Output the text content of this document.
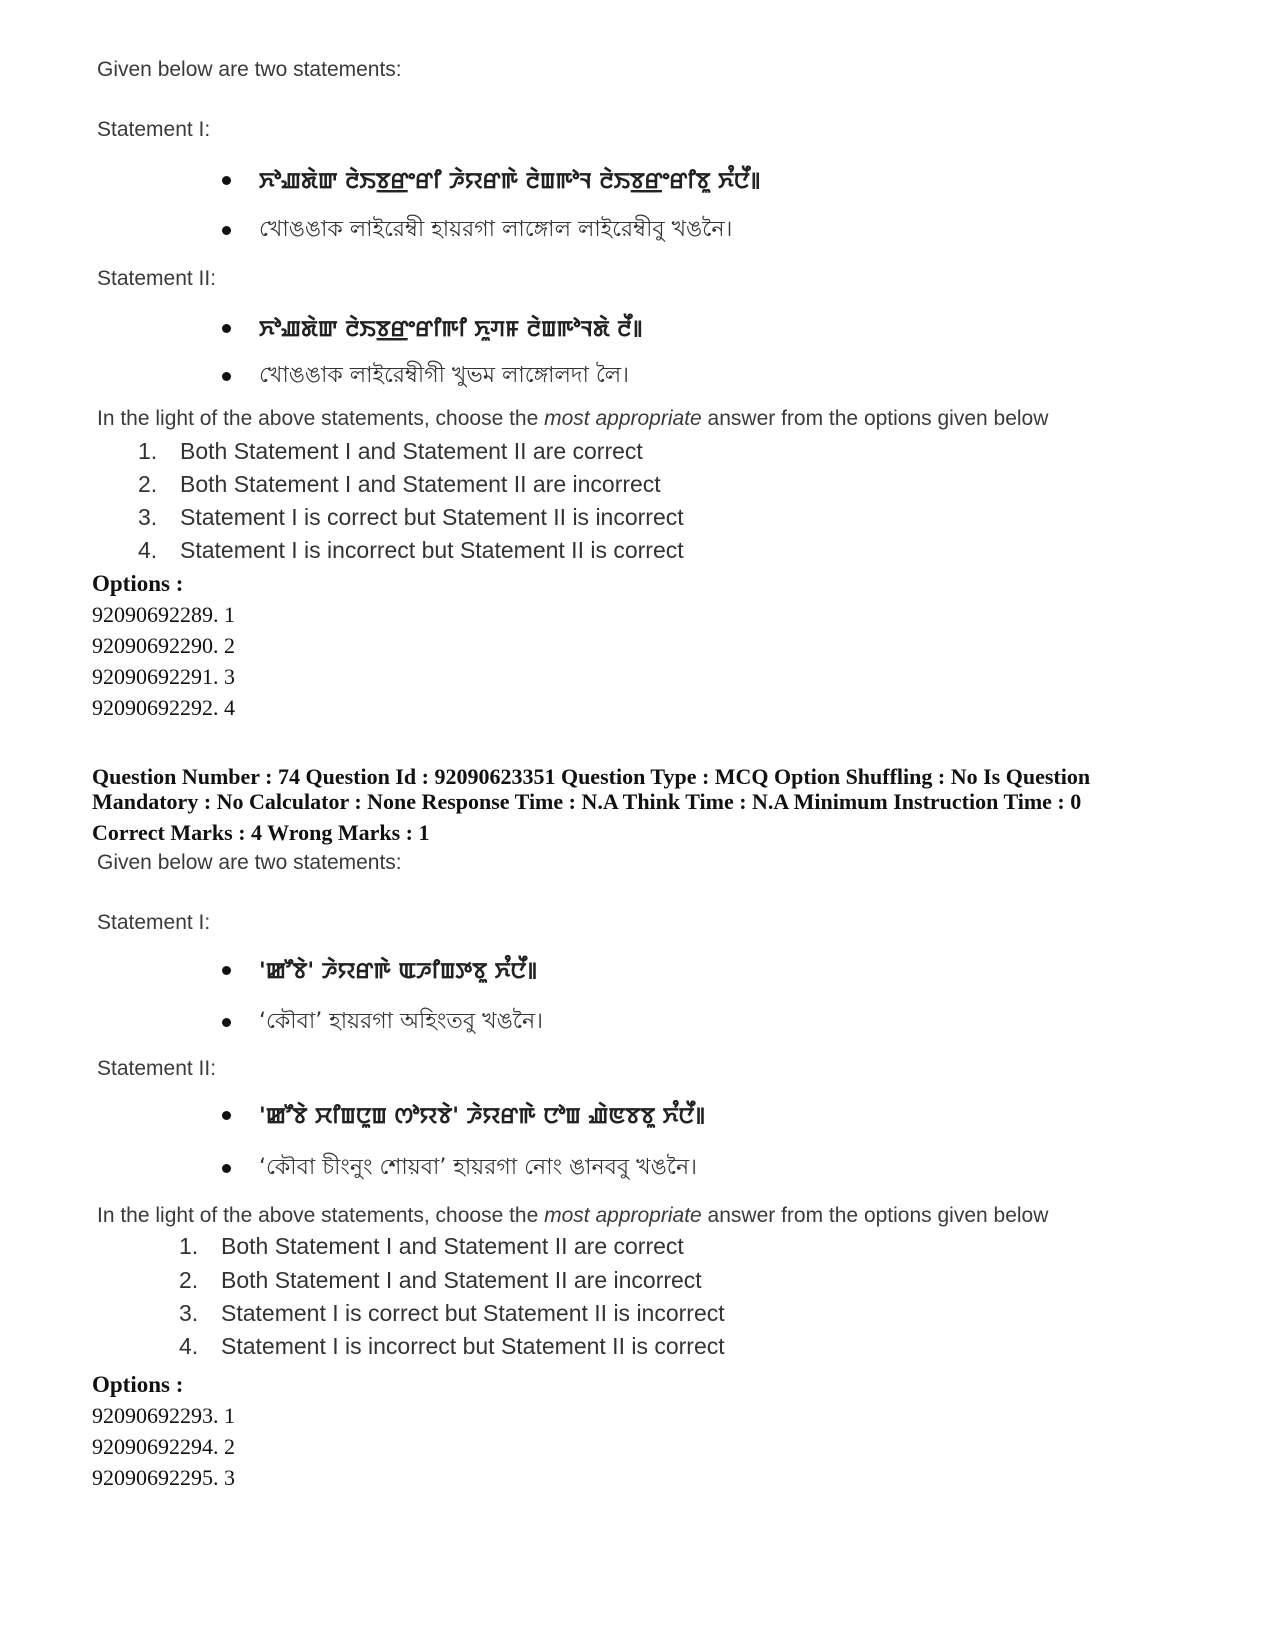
Given below are two statements:
Statement I:
ꯈꯣꯉꯗꯥꯛ ꯂꯥꯏꯕ꯭ꯔꯦꯔꯤ ꯍꯥꯌꯔꯒꯥ ꯂꯥꯡꯒꯣꯜ ꯂꯥꯏꯕ꯭ꯔꯦꯔꯤꯕꯨ ꯈꯪꯅꯩ꯫
খোঙঙাক লাইরেম্বী হায়রগা লাঙ্গোল লাইরেম্বীবু খঙনৈ।
Statement II:
ꯈꯣꯉꯗꯥꯛ ꯂꯥꯏꯕ꯭ꯔꯦꯔꯤꯒꯤ ꯈꯨꯚꯝ ꯂꯥꯡꯒꯣꯜꯗꯥ ꯂꯩ꯫
খোঙঙাক লাইরেম্বীগী খুভম লাঙ্গোলদা লৈ।
In the light of the above statements, choose the most appropriate answer from the options given below
1. Both Statement I and Statement II are correct
2. Both Statement I and Statement II are incorrect
3. Statement I is correct but Statement II is incorrect
4. Statement I is incorrect but Statement II is correct
Options :
92090692289. 1
92090692290. 2
92090692291. 3
92090692292. 4
Question Number : 74 Question Id : 92090623351 Question Type : MCQ Option Shuffling : No Is Question
Mandatory : No Calculator : None Response Time : N.A Think Time : N.A Minimum Instruction Time : 0
Correct Marks : 4 Wrong Marks : 1
Given below are two statements:
Statement I:
'ꯀꯧꯕꯥ' ꯍꯥꯌꯔꯒꯥ ꯑꯍꯤꯡꯇꯕꯨ ꯈꯪꯅꯩ꯫
‘কৌবা’ হায়রগা অহিংতবু খঙনৈ।
Statement II:
'ꯀꯧꯕꯥ ꯆꯤꯡꯅꯨꯡ ꯁꯣꯌꯕꯥ' ꯍꯥꯌꯔꯒꯥ ꯅꯣꯡ ꯉꯥꯟꯕꯕꯨ ꯈꯪꯅꯩ꯫
‘কৌবা চীংনুং শোয়বা’ হায়রগা নোং ঙানববু খঙনৈ।
In the light of the above statements, choose the most appropriate answer from the options given below
1. Both Statement I and Statement II are correct
2. Both Statement I and Statement II are incorrect
3. Statement I is correct but Statement II is incorrect
4. Statement I is incorrect but Statement II is correct
Options :
92090692293. 1
92090692294. 2
92090692295. 3
